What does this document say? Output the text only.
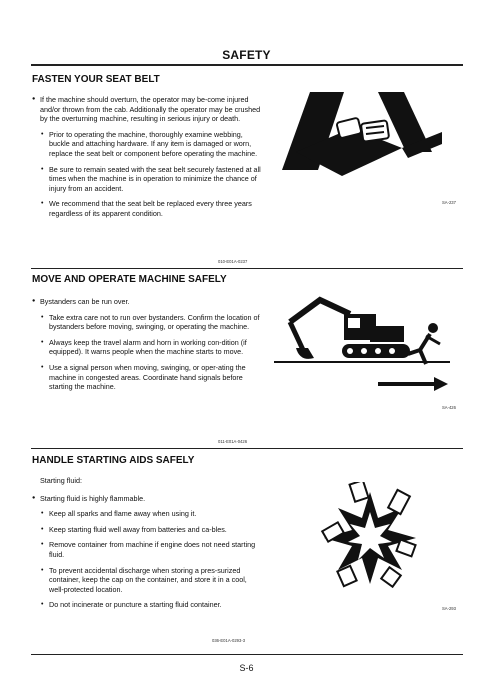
SAFETY
FASTEN YOUR SEAT BELT
● If the machine should overturn, the operator may be-come injured and/or thrown from the cab. Additionally the operator may be crushed by the overturning machine, resulting in serious injury or death.
• Prior to operating the machine, thoroughly examine webbing, buckle and attaching hardware. If any item is damaged or worn, replace the seat belt or component before operating the machine.
• Be sure to remain seated with the seat belt securely fastened at all times when the machine is in operation to minimize the chance of injury from an accident.
• We recommend that the seat belt be replaced every three years regardless of its apparent condition.
SA-237
010-E01A-0237
MOVE AND OPERATE MACHINE SAFELY
● Bystanders can be run over.
• Take extra care not to run over bystanders. Confirm the location of bystanders before moving, swinging, or operating the machine.
• Always keep the travel alarm and horn in working con-dition (if equipped). It warns people when the machine starts to move.
• Use a signal person when moving, swinging, or oper-ating the machine in congested areas. Coordinate hand signals before starting the machine.
SA-426
011-E01A-0426
HANDLE STARTING AIDS SAFELY
Starting fluid:
● Starting fluid is highly flammable.
• Keep all sparks and flame away when using it.
• Keep starting fluid well away from batteries and ca-bles.
• Remove container from machine if engine does not need starting fluid.
• To prevent accidental discharge when storing a pres-surized container, keep the cap on the container, and store it in a cool, well-protected location.
• Do not incinerate or puncture a starting fluid container.	SA-293
036-E01A-0293-3
S-6
